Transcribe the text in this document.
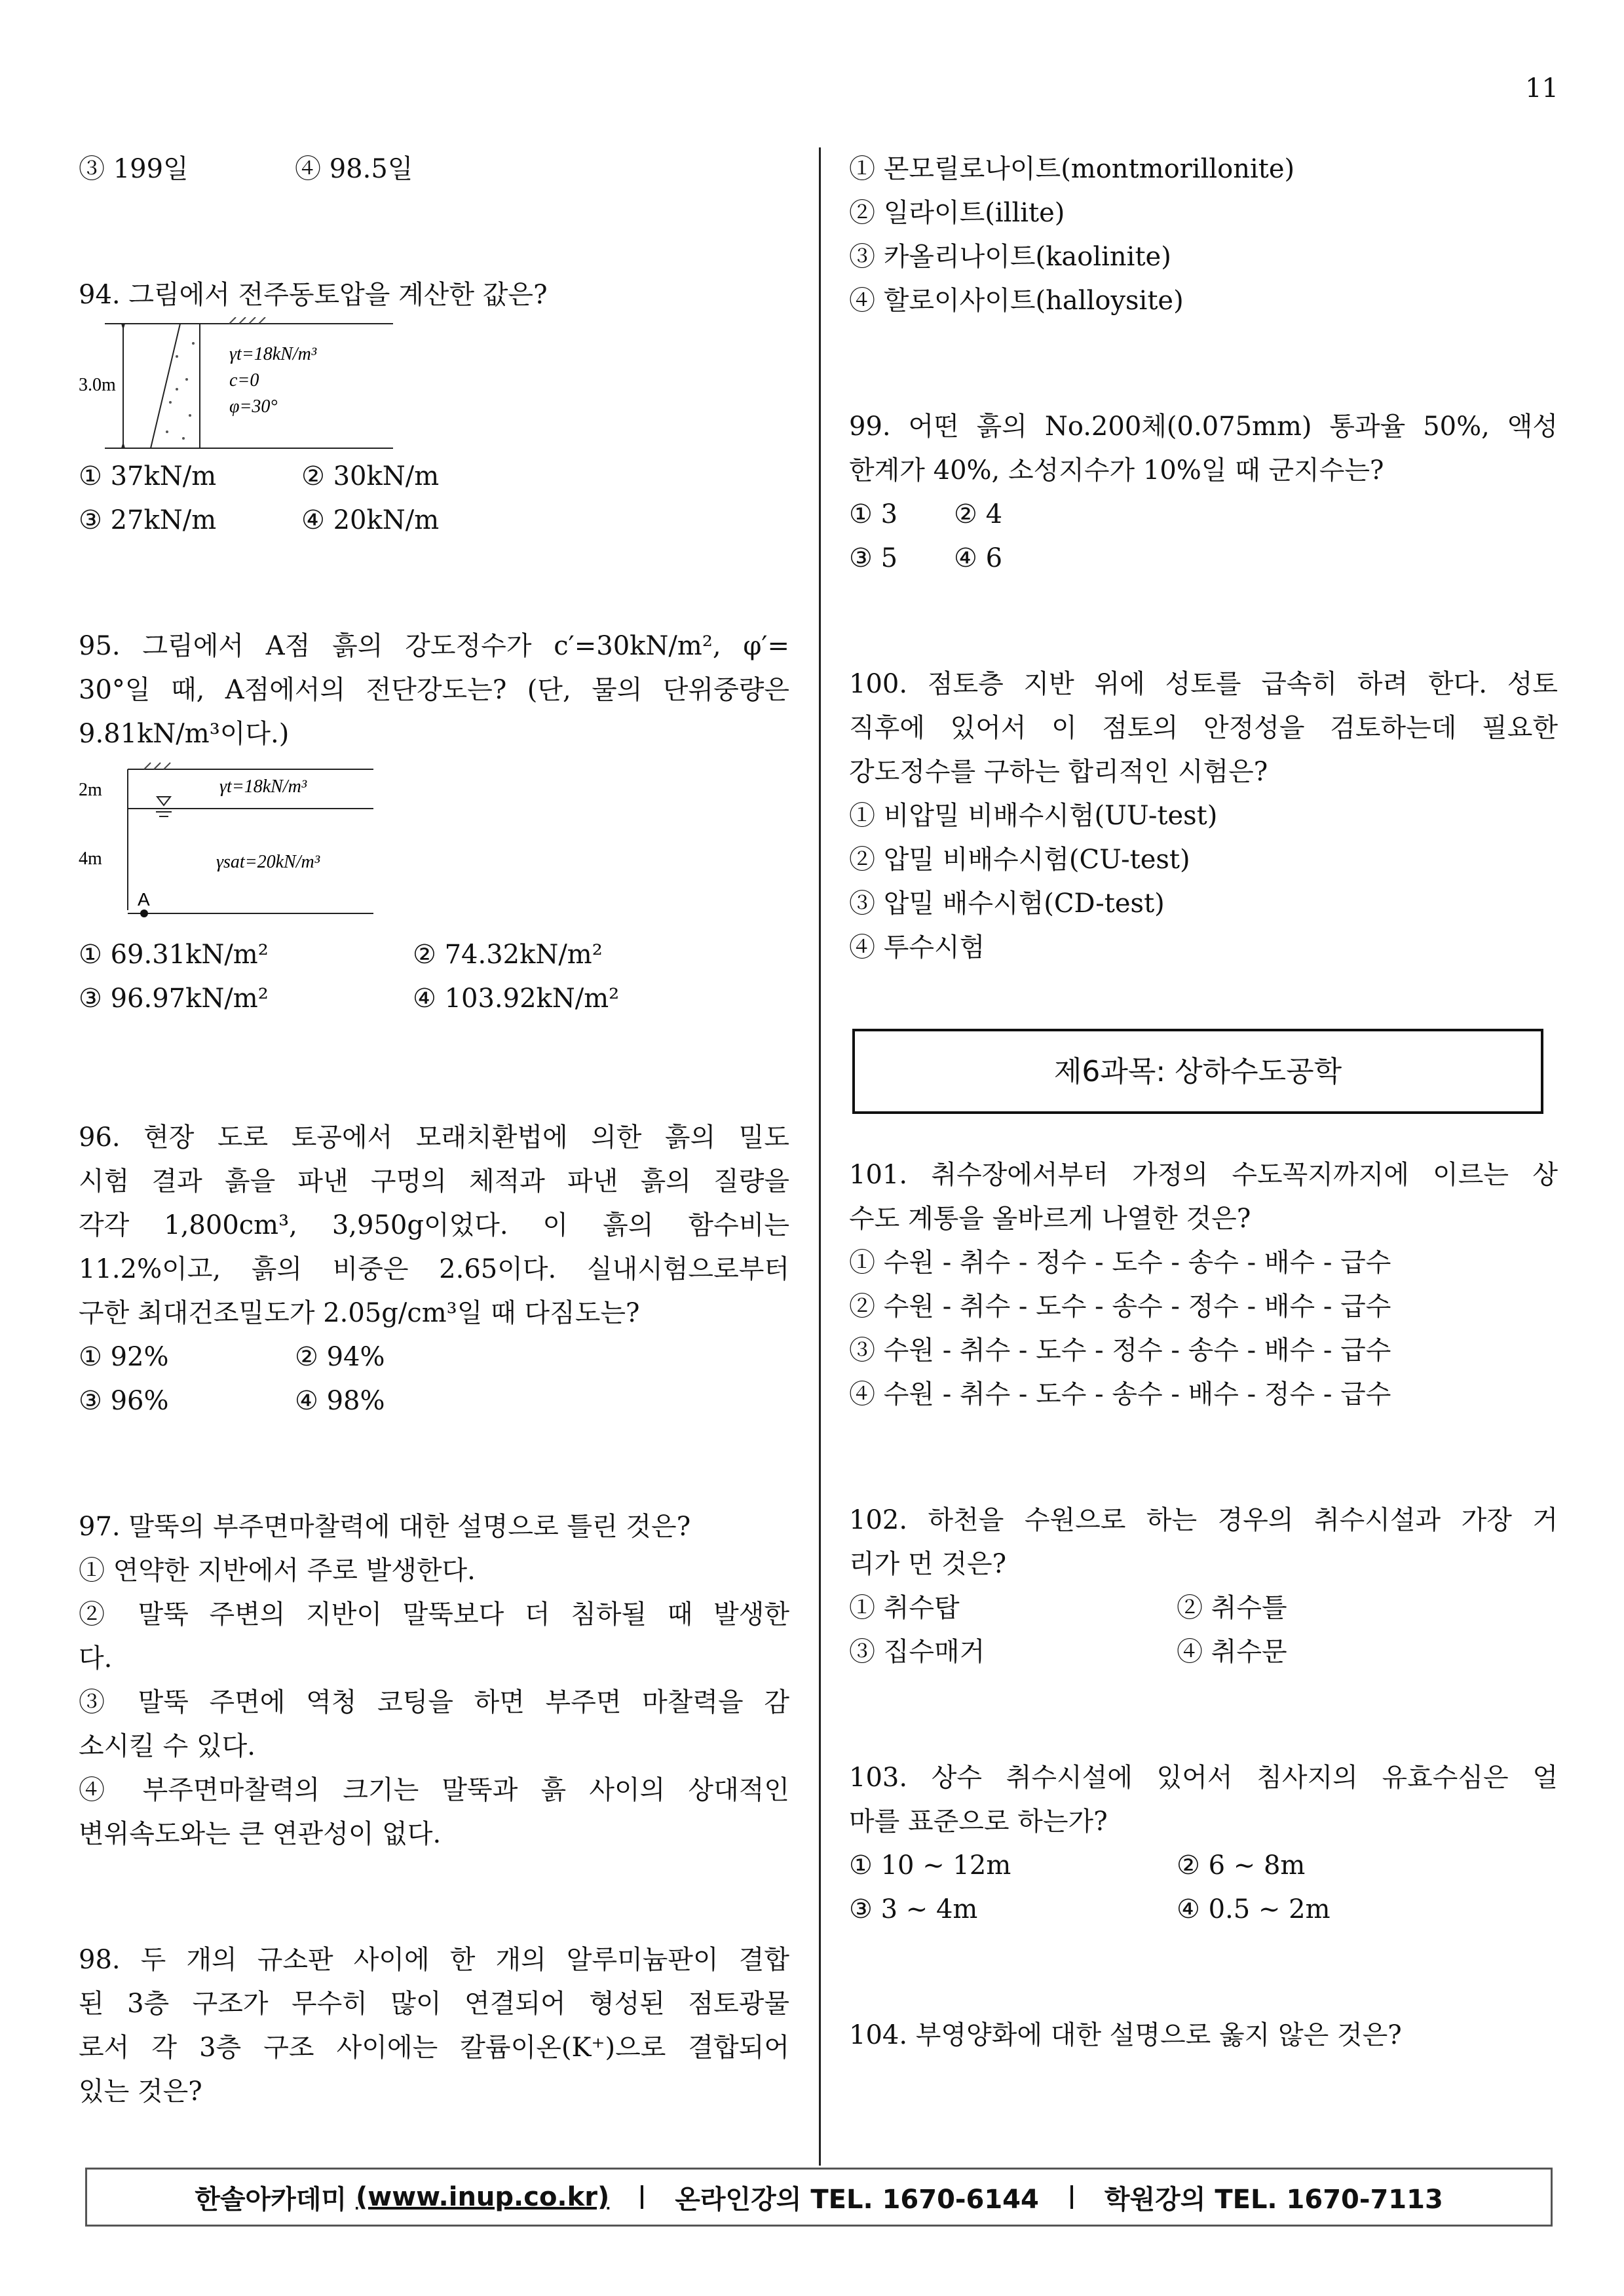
11
③ 199일	④ 98.5일
94. 그림에서 전주동토압을 계산한 값은?
3.0m
γt=18kN/m³
c=0
φ=30°
① 37kN/m	② 30kN/m
③ 27kN/m	④ 20kN/m
95. 그림에서 A점 흙의 강도정수가 c′=30kN/m², φ′=
30°일 때, A점에서의 전단강도는? (단, 물의 단위중량은
9.81kN/m³이다.)
2m
4m
γt=18kN/m³
γsat=20kN/m³
A
① 69.31kN/m²	② 74.32kN/m²
③ 96.97kN/m²	④ 103.92kN/m²
96. 현장 도로 토공에서 모래치환법에 의한 흙의 밀도
시험 결과 흙을 파낸 구멍의 체적과 파낸 흙의 질량을
각각 1,800cm³, 3,950g이었다. 이 흙의 함수비는
11.2%이고, 흙의 비중은 2.65이다. 실내시험으로부터
구한 최대건조밀도가 2.05g/cm³일 때 다짐도는?
① 92%	② 94%
③ 96%	④ 98%
97. 말뚝의 부주면마찰력에 대한 설명으로 틀린 것은?
① 연약한 지반에서 주로 발생한다.
② 말뚝 주변의 지반이 말뚝보다 더 침하될 때 발생한
다.
③ 말뚝 주면에 역청 코팅을 하면 부주면 마찰력을 감
소시킬 수 있다.
④ 부주면마찰력의 크기는 말뚝과 흙 사이의 상대적인
변위속도와는 큰 연관성이 없다.
98. 두 개의 규소판 사이에 한 개의 알루미늄판이 결합
된 3층 구조가 무수히 많이 연결되어 형성된 점토광물
로서 각 3층 구조 사이에는 칼륨이온(K⁺)으로 결합되어
있는 것은?
① 몬모릴로나이트(montmorillonite)
② 일라이트(illite)
③ 카올리나이트(kaolinite)
④ 할로이사이트(halloysite)
99. 어떤 흙의 No.200체(0.075mm) 통과율 50%, 액성
한계가 40%, 소성지수가 10%일 때 군지수는?
① 3 ② 4
③ 5 ④ 6
100. 점토층 지반 위에 성토를 급속히 하려 한다. 성토
직후에 있어서 이 점토의 안정성을 검토하는데 필요한
강도정수를 구하는 합리적인 시험은?
① 비압밀 비배수시험(UU-test)
② 압밀 비배수시험(CU-test)
③ 압밀 배수시험(CD-test)
④ 투수시험
제6과목: 상하수도공학
101. 취수장에서부터 가정의 수도꼭지까지에 이르는 상
수도 계통을 올바르게 나열한 것은?
① 수원 - 취수 - 정수 - 도수 - 송수 - 배수 - 급수
② 수원 - 취수 - 도수 - 송수 - 정수 - 배수 - 급수
③ 수원 - 취수 - 도수 - 정수 - 송수 - 배수 - 급수
④ 수원 - 취수 - 도수 - 송수 - 배수 - 정수 - 급수
102. 하천을 수원으로 하는 경우의 취수시설과 가장 거
리가 먼 것은?
① 취수탑	② 취수틀
③ 집수매거	④ 취수문
103. 상수 취수시설에 있어서 침사지의 유효수심은 얼
마를 표준으로 하는가?
① 10 ~ 12m	② 6 ~ 8m
③ 3 ~ 4m	④ 0.5 ~ 2m
104. 부영양화에 대한 설명으로 옳지 않은 것은?
한솔아카데미
(www.inup.co.kr)	온라인강의 TEL. 1670-6144	학원강의 TEL. 1670-7113
